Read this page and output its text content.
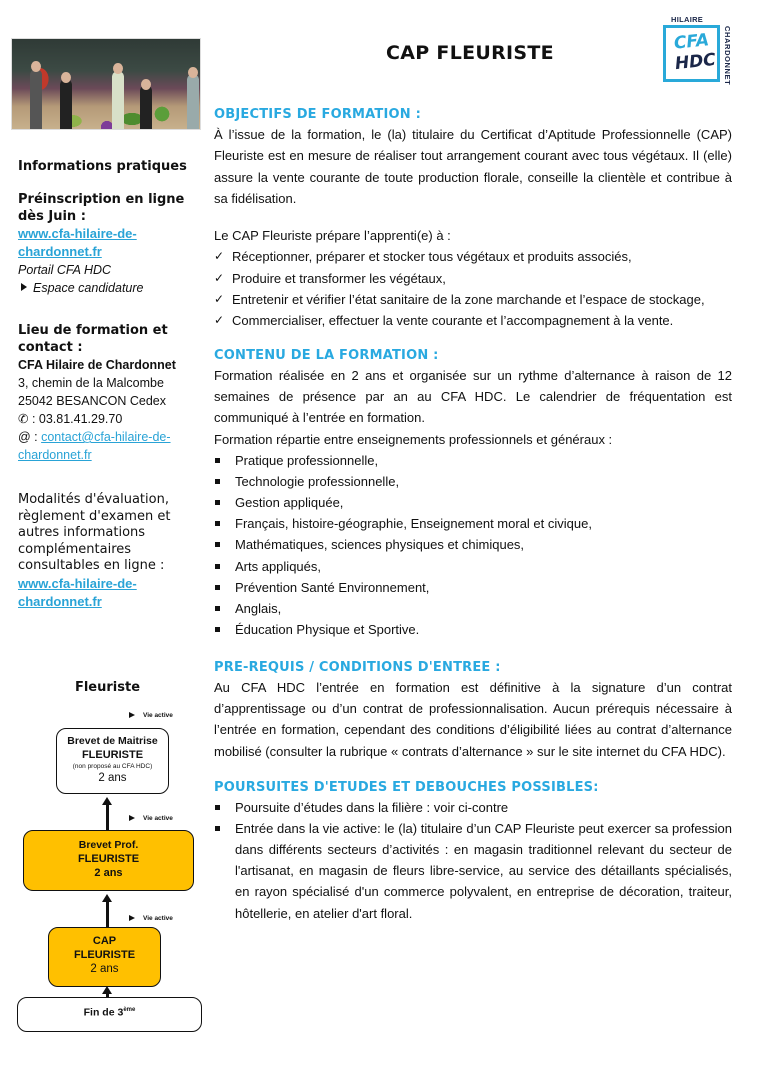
CAP FLEURISTE
HILAIRE
CFA
HDC CHARDONNET
Informations pratiques
Préinscription en ligne dès Juin :
www.cfa-hilaire-de-chardonnet.fr
Portail CFA HDC
Espace candidature
Lieu de formation et contact :
CFA Hilaire de Chardonnet
3, chemin de la Malcombe
25042 BESANCON Cedex
✆ : 03.81.41.29.70
@ : contact@cfa-hilaire-de-chardonnet.fr
Modalités d'évaluation, règlement d'examen et autres informations complémentaires consultables en ligne :
www.cfa-hilaire-de-chardonnet.fr
Fleuriste
Vie active
Vie active
Vie active
Brevet de Maitrise
FLEURISTE
(non proposé au CFA HDC)
2 ans
Brevet Prof.
FLEURISTE
2 ans
CAP
FLEURISTE
2 ans
Fin de 3ème
OBJECTIFS DE FORMATION :

À l’issue de la formation, le (la) titulaire du Certificat d’Aptitude Professionnelle (CAP) Fleuriste est en mesure de réaliser tout arrangement courant avec tous végétaux. Il (elle) assure la vente courante de toute production florale, conseille la clientèle et contribue à sa fidélisation.

Le CAP Fleuriste prépare l’apprenti(e) à :

✓ Réceptionner, préparer et stocker tous végétaux et produits associés,
✓ Produire et transformer les végétaux,
✓ Entretenir et vérifier l’état sanitaire de la zone marchande et l’espace de stockage,
✓ Commercialiser, effectuer la vente courante et l’accompagnement à la vente.
CONTENU DE LA FORMATION :

Formation réalisée en 2 ans et organisée sur un rythme d’alternance à raison de 12 semaines de présence par an au CFA HDC. Le calendrier de fréquentation est communiqué à l’entrée en formation.

Formation répartie entre enseignements professionnels et généraux :

Pratique professionnelle,
Technologie professionnelle,
Gestion appliquée,
Français, histoire-géographie, Enseignement moral et civique,
Mathématiques, sciences physiques et chimiques,
Arts appliqués,
Prévention Santé Environnement,
Anglais,
Éducation Physique et Sportive.
PRE-REQUIS / CONDITIONS D'ENTREE :

Au CFA HDC l’entrée en formation est définitive à la signature d’un contrat d’apprentissage ou d’un contrat de professionnalisation. Aucun prérequis nécessaire à l’entrée en formation, cependant des conditions d’éligibilité liées au contrat d’alternance mobilisé (consulter la rubrique « contrats d’alternance » sur le site internet du CFA HDC).

POURSUITES D'ETUDES ET DEBOUCHES POSSIBLES:
Poursuite d’études dans la filière : voir ci-contre
Entrée dans la vie active: le (la) titulaire d’un CAP Fleuriste peut exercer sa profession dans différents secteurs d’activités : en magasin traditionnel relevant du secteur de l'artisanat, en magasin de fleurs libre-service, au service des détaillants spécialisés, en rayon spécialisé d'un commerce polyvalent, en entreprise de décoration, traiteur, hôtellerie, en atelier d'art floral.
